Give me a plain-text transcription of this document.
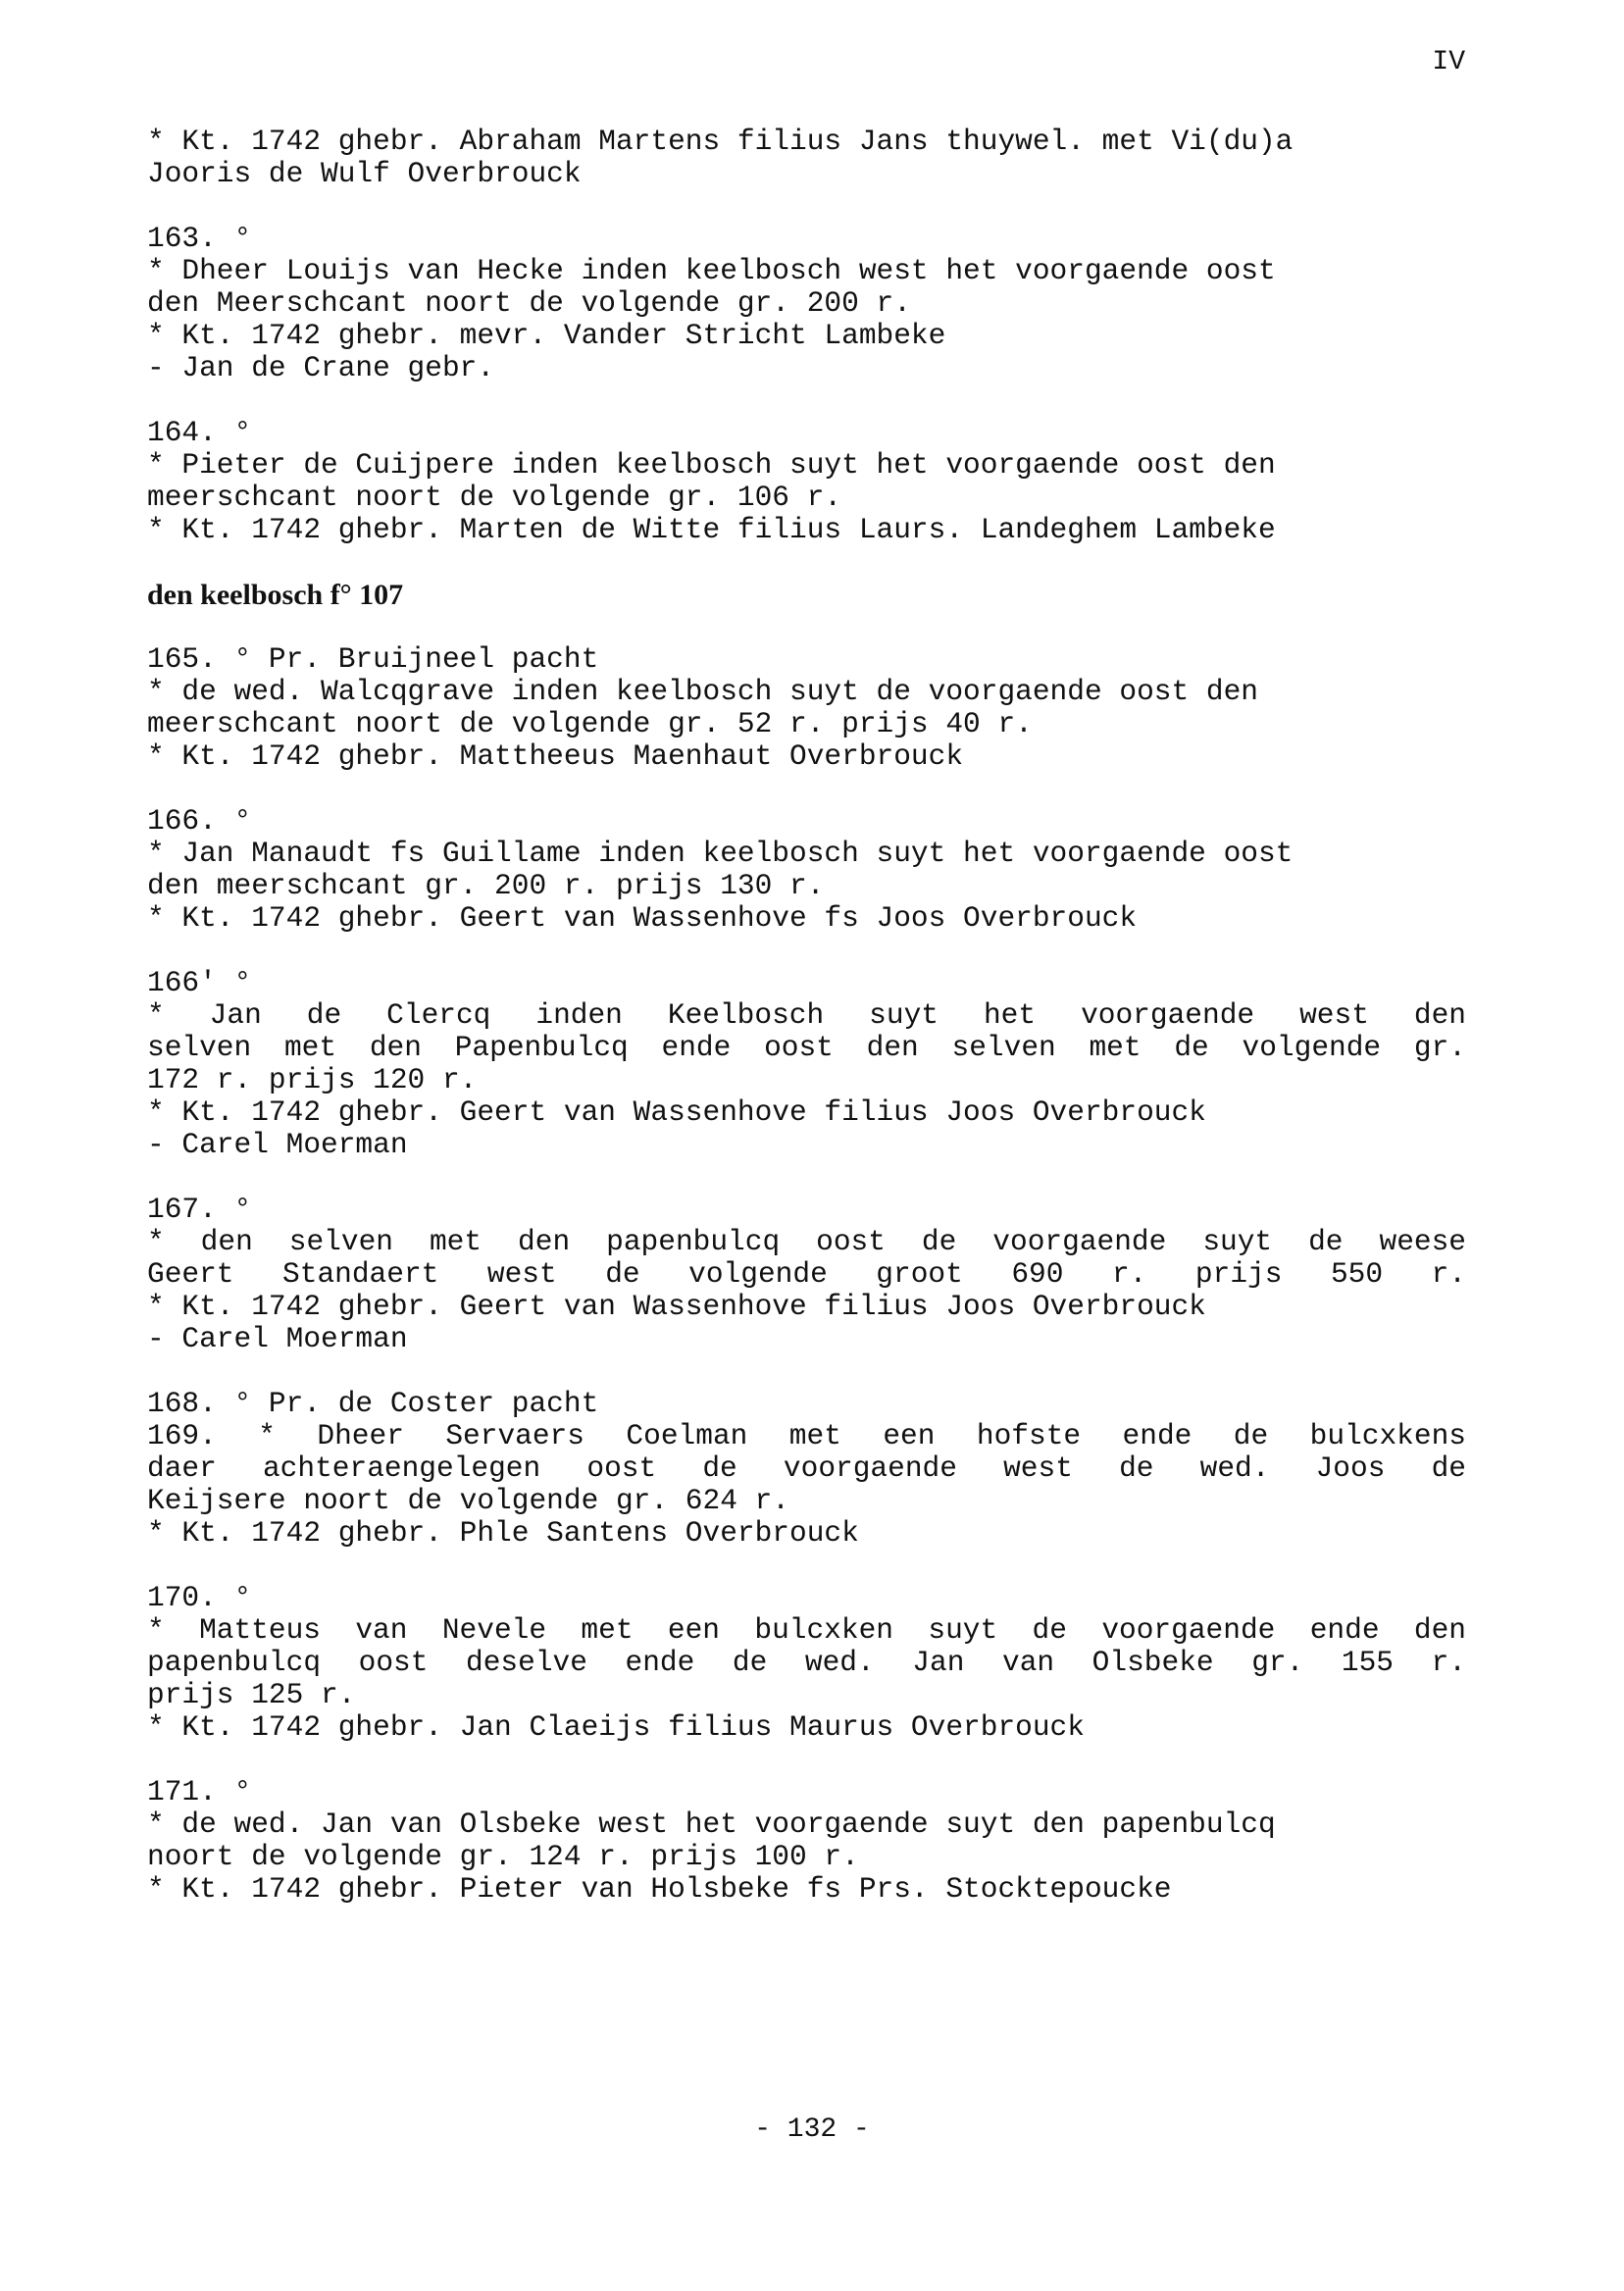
IV

* Kt. 1742 ghebr. Abraham Martens filius Jans thuywel. met Vi(du)a

Jooris de Wulf Overbrouck

163. °

* Dheer Louijs van Hecke inden keelbosch west het voorgaende oost

den Meerschcant noort de volgende gr. 200 r.

* Kt. 1742 ghebr. mevr. Vander Stricht Lambeke

- Jan de Crane gebr.

164. °

* Pieter de Cuijpere inden keelbosch suyt het voorgaende oost den

meerschcant noort de volgende gr. 106 r.

* Kt. 1742 ghebr. Marten de Witte filius Laurs. Landeghem Lambeke

den keelbosch f° 107

165. ° Pr. Bruijneel pacht

* de wed. Walcqgrave inden keelbosch suyt de voorgaende oost den

meerschcant noort de volgende gr. 52 r. prijs 40 r.

* Kt. 1742 ghebr. Mattheeus Maenhaut Overbrouck

166. °

* Jan Manaudt fs Guillame inden keelbosch suyt het voorgaende oost

den meerschcant gr. 200 r. prijs 130 r.

* Kt. 1742 ghebr. Geert van Wassenhove fs Joos Overbrouck

166' °

* Jan de Clercq inden Keelbosch suyt het voorgaende west den

selven met den Papenbulcq ende oost den selven met de volgende gr.

172 r. prijs 120 r.

* Kt. 1742 ghebr. Geert van Wassenhove filius Joos Overbrouck

- Carel Moerman

167. °

* den selven met den papenbulcq oost de voorgaende suyt de weese

Geert Standaert west de volgende groot 690 r. prijs 550 r.

* Kt. 1742 ghebr. Geert van Wassenhove filius Joos Overbrouck

- Carel Moerman

168. ° Pr. de Coster pacht

169. * Dheer Servaers Coelman met een hofste ende de bulcxkens

daer achteraengelegen oost de voorgaende west de wed. Joos de

Keijsere noort de volgende gr. 624 r.

* Kt. 1742 ghebr. Phle Santens Overbrouck

170. °

* Matteus van Nevele met een bulcxken suyt de voorgaende ende den

papenbulcq oost deselve ende de wed. Jan van Olsbeke gr. 155 r.

prijs 125 r.

* Kt. 1742 ghebr. Jan Claeijs filius Maurus Overbrouck

171. °

* de wed. Jan van Olsbeke west het voorgaende suyt den papenbulcq

noort de volgende gr. 124 r. prijs 100 r.

* Kt. 1742 ghebr. Pieter van Holsbeke fs Prs. Stocktepoucke

- 132 -
